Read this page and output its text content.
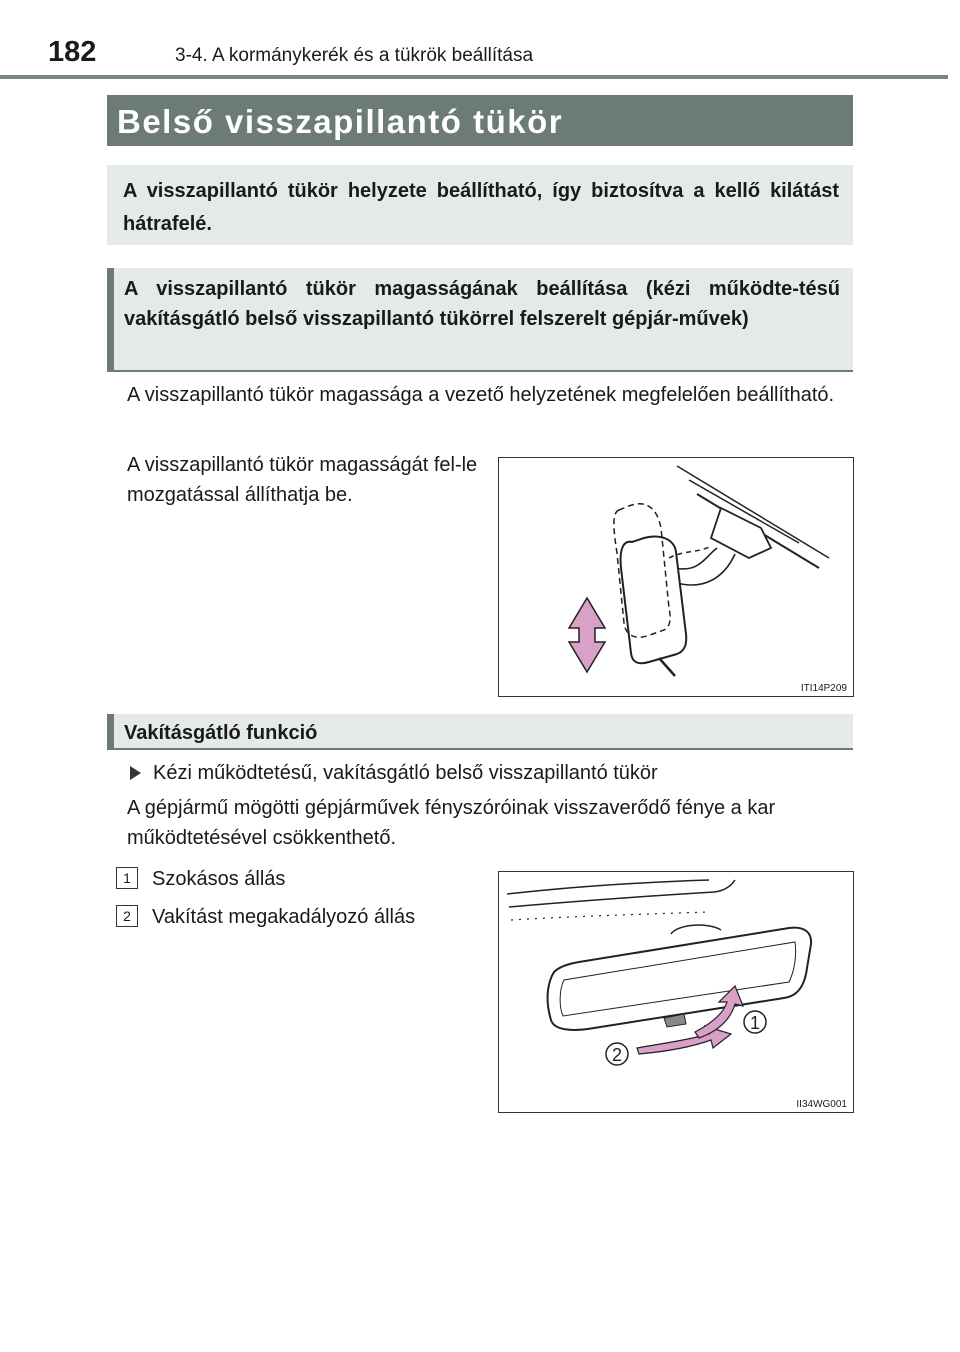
182	3-4. A kormánykerék és a tükrök beállítása
Belső visszapillantó tükör
A visszapillantó tükör helyzete beállítható, így biztosítva a kellő kilátást hátrafelé.
A visszapillantó tükör magasságának beállítása (kézi működte-tésű vakításgátló belső visszapillantó tükörrel felszerelt gépjár-művek)
A visszapillantó tükör magassága a vezető helyzetének megfelelően beállítható.
A visszapillantó tükör magasságát fel-le mozgatással állíthatja be.
ITI14P209
Vakításgátló funkció
Kézi működtetésű, vakításgátló belső visszapillantó tükör
A gépjármű mögötti gépjárművek fényszóróinak visszaverődő fénye a kar működtetésével csökkenthető.
1 Szokásos állás
2 Vakítást megakadályozó állás
1
2
II34WG001
